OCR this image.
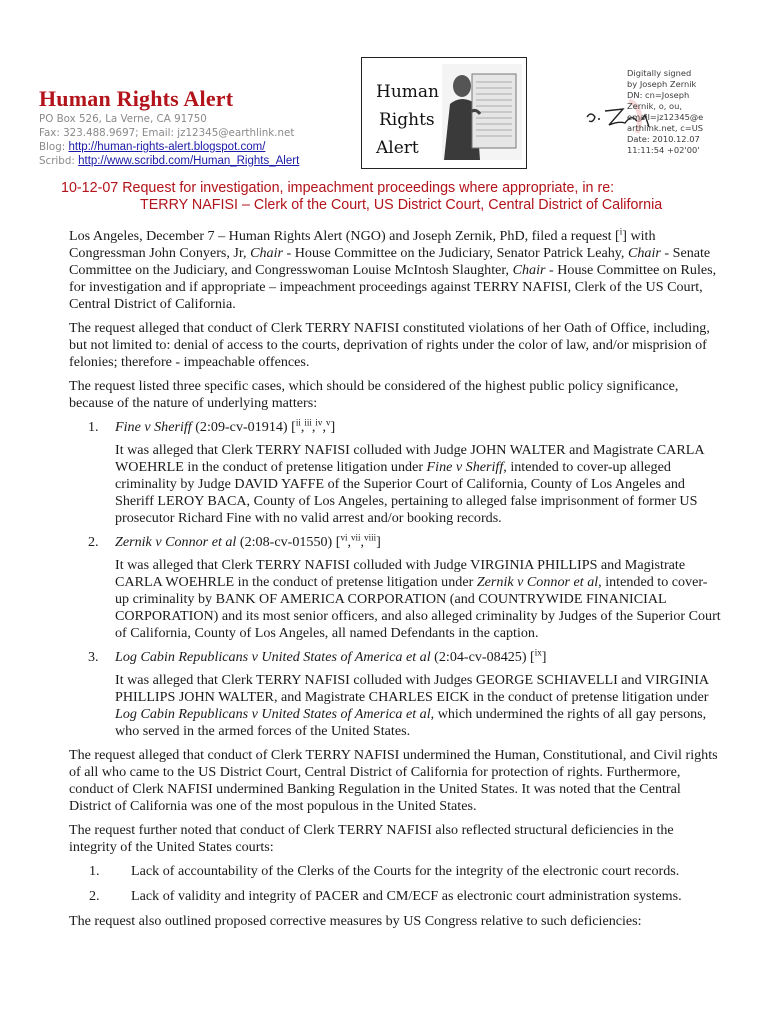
Human Rights Alert
PO Box 526, La Verne, CA 91750
Fax: 323.488.9697; Email: jz12345@earthlink.net
Blog: http://human-rights-alert.blogspot.com/
Scribd: http://www.scribd.com/Human_Rights_Alert
Human
Rights
Alert
Digitally signed
by Joseph Zernik
DN: cn=Joseph
Zernik, o, ou,
email=jz12345@e
arthlink.net, c=US
Date: 2010.12.07
11:11:54 +02'00'
10-12-07 Request for investigation, impeachment proceedings where appropriate, in re:
TERRY NAFISI – Clerk of the Court, US District Court, Central District of California

Los Angeles, December 7 – Human Rights Alert (NGO) and Joseph Zernik, PhD, filed a request [$^i$] with Congressman John Conyers, Jr, Chair - House Committee on the Judiciary, Senator Patrick Leahy, Chair - Senate Committee on the Judiciary, and Congresswoman Louise McIntosh Slaughter, Chair - House Committee on Rules, for investigation and if appropriate – impeachment proceedings against TERRY NAFISI, Clerk of the US Court, Central District of California.

The request alleged that conduct of Clerk TERRY NAFISI constituted violations of her Oath of Office, including, but not limited to: denial of access to the courts, deprivation of rights under the color of law, and/or misprision of felonies; therefore - impeachable offences.

The request listed three specific cases, which should be considered of the highest public policy significance, because of the nature of underlying matters:

1. Fine v Sheriff (2:09-cv-01914) [$^{ii}$,$^{iii}$,$^{iv}$,$^v$]

It was alleged that Clerk TERRY NAFISI colluded with Judge JOHN WALTER and Magistrate CARLA WOEHRLE in the conduct of pretense litigation under Fine v Sheriff, intended to cover-up alleged criminality by Judge DAVID YAFFE of the Superior Court of California, County of Los Angeles and Sheriff LEROY BACA, County of Los Angeles, pertaining to alleged false imprisonment of former US prosecutor Richard Fine with no valid arrest and/or booking records.

2. Zernik v Connor et al (2:08-cv-01550) [$^{vi}$,$^{vii}$,$^{viii}$]

It was alleged that Clerk TERRY NAFISI colluded with Judge VIRGINIA PHILLIPS and Magistrate CARLA WOEHRLE in the conduct of pretense litigation under Zernik v Connor et al, intended to cover-up criminality by BANK OF AMERICA CORPORATION (and COUNTRYWIDE FINANICIAL CORPORATION) and its most senior officers, and also alleged criminality by Judges of the Superior Court of California, County of Los Angeles, all named Defendants in the caption.

3. Log Cabin Republicans v United States of America et al (2:04-cv-08425) [$^{ix}$]

It was alleged that Clerk TERRY NAFISI colluded with Judges GEORGE SCHIAVELLI and VIRGINIA PHILLIPS JOHN WALTER, and Magistrate CHARLES EICK in the conduct of pretense litigation under Log Cabin Republicans v United States of America et al, which undermined the rights of all gay persons, who served in the armed forces of the United States.

The request alleged that conduct of Clerk TERRY NAFISI undermined the Human, Constitutional, and Civil rights of all who came to the US District Court, Central District of California for protection of rights. Furthermore, conduct of Clerk NAFISI undermined Banking Regulation in the United States. It was noted that the Central District of California was one of the most populous in the United States.

The request further noted that conduct of Clerk TERRY NAFISI also reflected structural deficiencies in the integrity of the United States courts:

1. Lack of accountability of the Clerks of the Courts for the integrity of the electronic court records.
2. Lack of validity and integrity of PACER and CM/ECF as electronic court administration systems.

The request also outlined proposed corrective measures by US Congress relative to such deficiencies:
